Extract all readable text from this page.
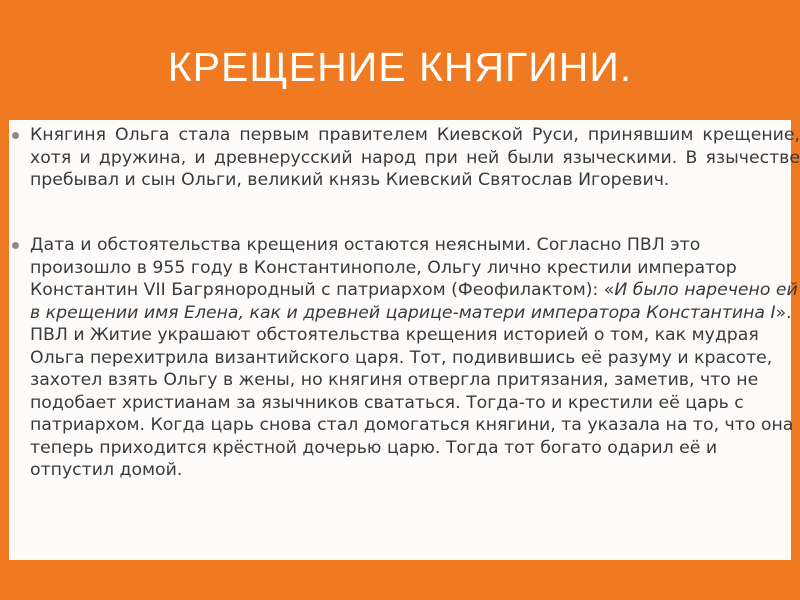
КРЕЩЕНИЕ КНЯГИНИ.
Княгиня Ольга стала первым правителем Киевской Руси, принявшим крещение, хотя и дружина, и древнерусский народ при ней были языческими. В язычестве пребывал и сын Ольги, великий князь Киевский Святослав Игоревич.
Дата и обстоятельства крещения остаются неясными. Согласно ПВЛ это произошло в 955 году в Константинополе, Ольгу лично крестили император Константин VII Багрянородный с патриархом (Феофилактом): «И было наречено ей в крещении имя Елена, как и древней царице-матери императора Константина I». ПВЛ и Житие украшают обстоятельства крещения историей о том, как мудрая Ольга перехитрила византийского царя. Тот, подивившись её разуму и красоте, захотел взять Ольгу в жены, но княгиня отвергла притязания, заметив, что не подобает христианам за язычников свататься. Тогда-то и крестили её царь с патриархом. Когда царь снова стал домогаться княгини, та указала на то, что она теперь приходится крёстной дочерью царю. Тогда тот богато одарил её и отпустил домой.
